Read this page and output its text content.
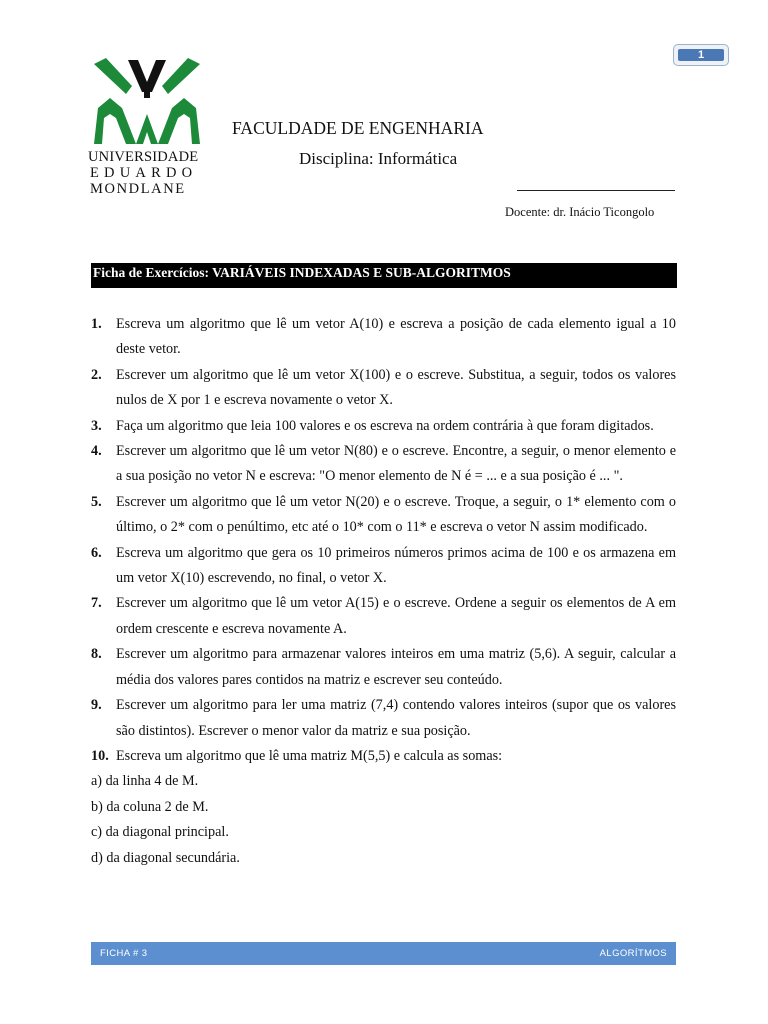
1
UNIVERSIDADE
EDUARDO
MONDLANE
FACULDADE DE ENGENHARIA
Disciplina: Informática
Docente: dr. Inácio Ticongolo
Ficha de Exercícios: VARIÁVEIS INDEXADAS E SUB-ALGORITMOS
1.	Escreva um algoritmo que lê um vetor A(10) e escreva a posição de cada elemento igual a 10 deste vetor.
2.	Escrever um algoritmo que lê um vetor X(100) e o escreve. Substitua, a seguir, todos os valores nulos de X por 1 e escreva novamente o vetor X.
3.	Faça um algoritmo que leia 100 valores e os escreva na ordem contrária à que foram digitados.
4.	Escrever um algoritmo que lê um vetor N(80) e o escreve. Encontre, a seguir, o menor elemento e a sua posição no vetor N e escreva: "O menor elemento de N é = ... e a sua posição é ... ".
5.	Escrever um algoritmo que lê um vetor N(20) e o escreve. Troque, a seguir, o 1* elemento com o último, o 2* com o penúltimo, etc até o 10* com o 11* e escreva o vetor N assim modificado.
6.	Escreva um algoritmo que gera os 10 primeiros números primos acima de 100 e os armazena em um vetor X(10) escrevendo, no final, o vetor X.
7.	Escrever um algoritmo que lê um vetor A(15) e o escreve. Ordene a seguir os elementos de A em ordem crescente e escreva novamente A.
8.	Escrever um algoritmo para armazenar valores inteiros em uma matriz (5,6). A seguir, calcular a média dos valores pares contidos na matriz e escrever seu conteúdo.
9.	Escrever um algoritmo para ler uma matriz (7,4) contendo valores inteiros (supor que os valores são distintos). Escrever o menor valor da matriz e sua posição.
10. Escreva um algoritmo que lê uma matriz M(5,5) e calcula as somas:
a) da linha 4 de M.
b) da coluna 2 de M.
c) da diagonal principal.
d) da diagonal secundária.
FICHA # 3	ALGORÍTMOS
